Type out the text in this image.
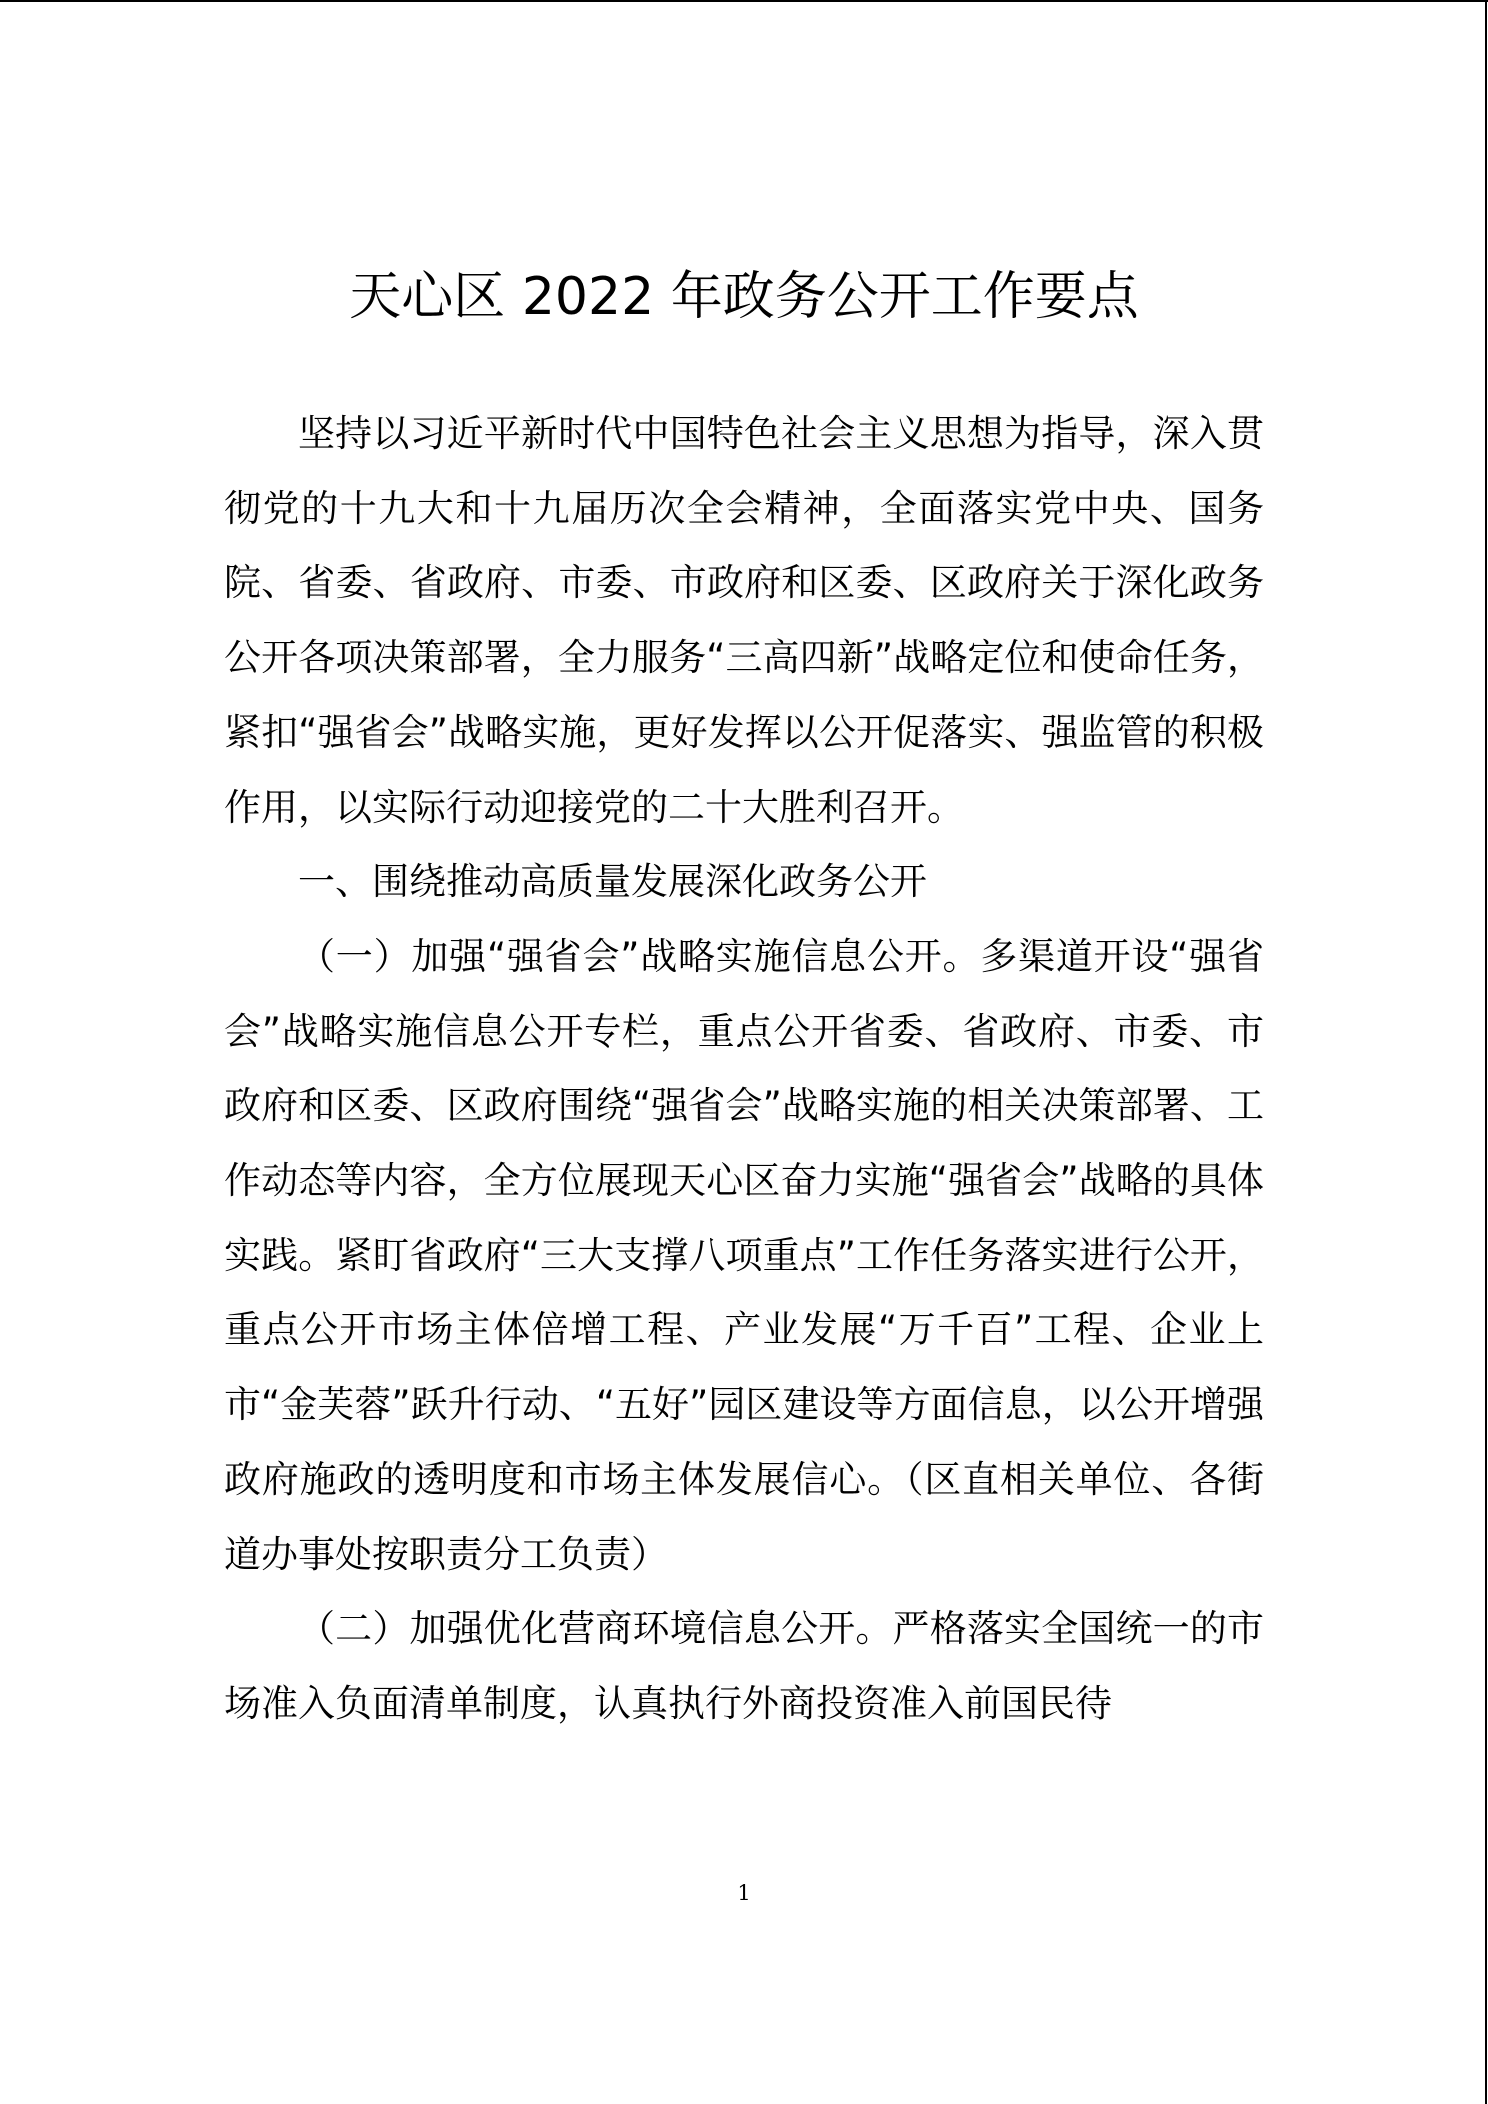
天心区 2022 年政务公开工作要点

坚持以习近平新时代中国特色社会主义思想为指导，深入贯彻党的十九大和十九届历次全会精神，全面落实党中央、国务院、省委、省政府、市委、市政府和区委、区政府关于深化政务公开各项决策部署，全力服务“三高四新”战略定位和使命任务，紧扣“强省会”战略实施，更好发挥以公开促落实、强监管的积极作用，以实际行动迎接党的二十大胜利召开。

一、围绕推动高质量发展深化政务公开

（一）加强“强省会”战略实施信息公开。多渠道开设“强省会”战略实施信息公开专栏，重点公开省委、省政府、市委、市政府和区委、区政府围绕“强省会”战略实施的相关决策部署、工作动态等内容，全方位展现天心区奋力实施“强省会”战略的具体实践。紧盯省政府“三大支撑八项重点”工作任务落实进行公开，重点公开市场主体倍增工程、产业发展“万千百”工程、企业上市“金芙蓉”跃升行动、“五好”园区建设等方面信息，以公开增强政府施政的透明度和市场主体发展信心。（区直相关单位、各街道办事处按职责分工负责）

（二）加强优化营商环境信息公开。严格落实全国统一的市场准入负面清单制度，认真执行外商投资准入前国民待

1
